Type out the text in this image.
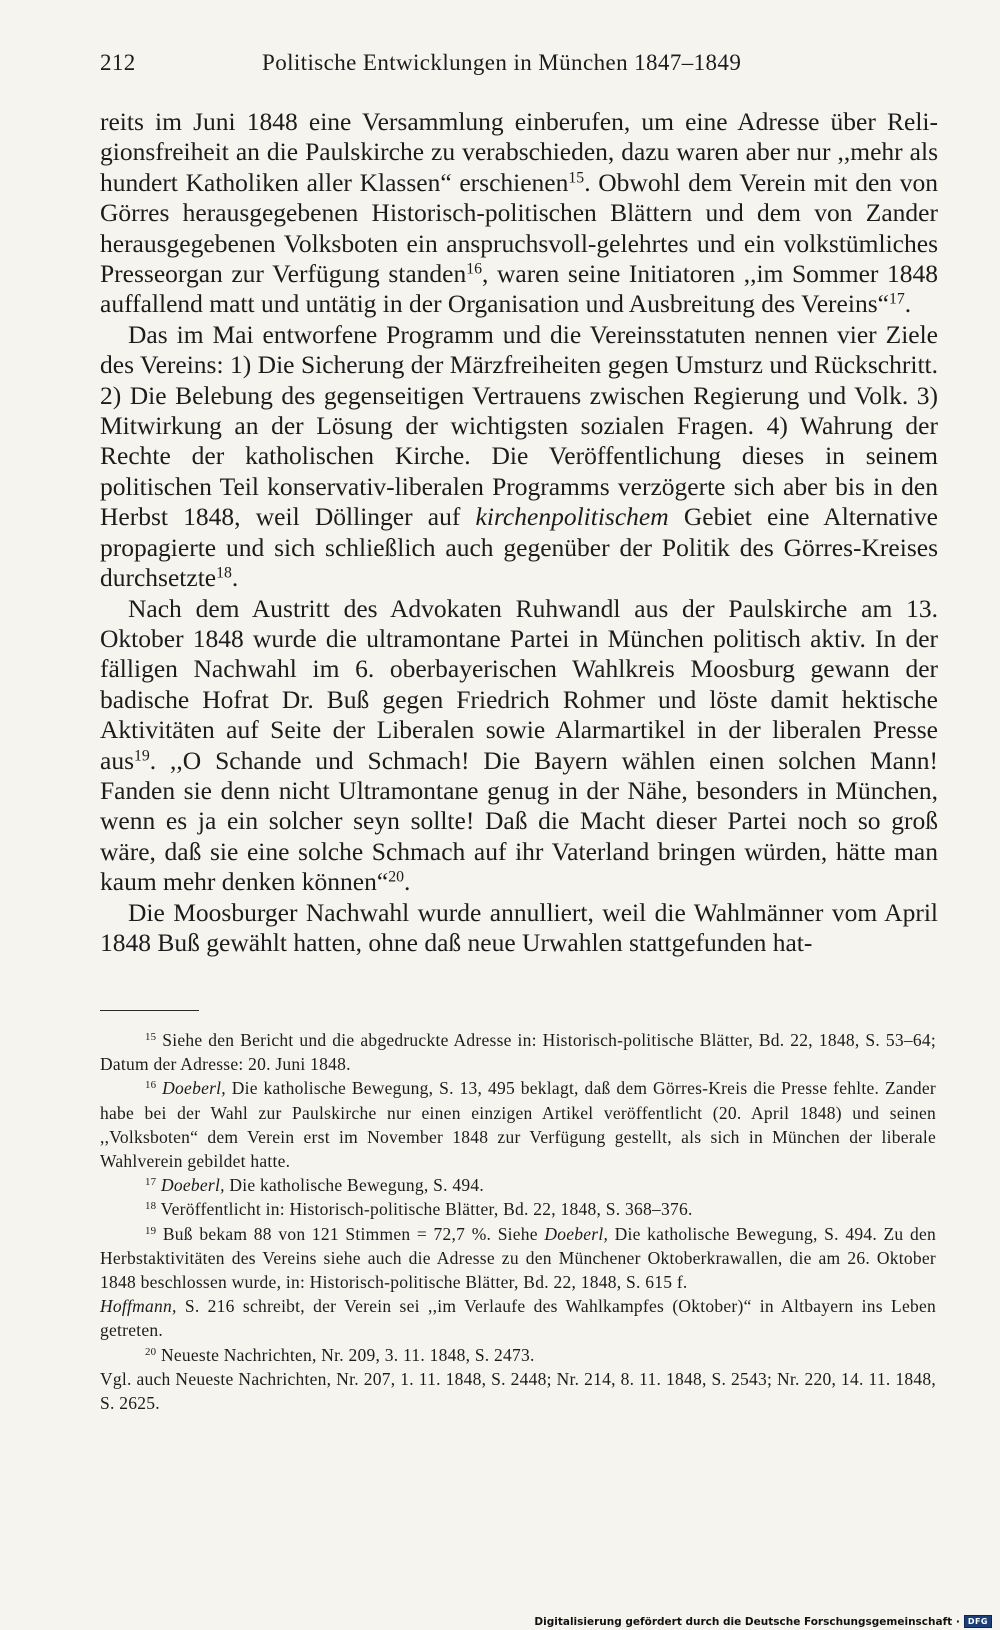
212	Politische Entwicklungen in München 1847–1849

reits im Juni 1848 eine Versammlung einberufen, um eine Adresse über Religionsfreiheit an die Paulskirche zu verabschieden, dazu waren aber nur ,,mehr als hundert Katholiken aller Klassen“ erschienen$^{15}$. Obwohl dem Verein mit den von Görres herausgegebenen Historisch-politischen Blättern und dem von Zander herausgegebenen Volksboten ein anspruchsvoll-gelehrtes und ein volkstümliches Presseorgan zur Verfügung standen$^{16}$, waren seine Initiatoren ,,im Sommer 1848 auffallend matt und untätig in der Organisation und Ausbreitung des Vereins“$^{17}$.

Das im Mai entworfene Programm und die Vereinsstatuten nennen vier Ziele des Vereins: 1) Die Sicherung der Märzfreiheiten gegen Umsturz und Rückschritt. 2) Die Belebung des gegenseitigen Vertrauens zwischen Regierung und Volk. 3) Mitwirkung an der Lösung der wichtigsten sozialen Fragen. 4) Wahrung der Rechte der katholischen Kirche. Die Veröffentlichung dieses in seinem politischen Teil konservativ-liberalen Programms verzögerte sich aber bis in den Herbst 1848, weil Döllinger auf kirchenpolitischem Gebiet eine Alternative propagierte und sich schließlich auch gegenüber der Politik des Görres-Kreises durchsetzte$^{18}$.

Nach dem Austritt des Advokaten Ruhwandl aus der Paulskirche am 13. Oktober 1848 wurde die ultramontane Partei in München politisch aktiv. In der fälligen Nachwahl im 6. oberbayerischen Wahlkreis Moosburg gewann der badische Hofrat Dr. Buß gegen Friedrich Rohmer und löste damit hektische Aktivitäten auf Seite der Liberalen sowie Alarmartikel in der liberalen Presse aus$^{19}$. ,,O Schande und Schmach! Die Bayern wählen einen solchen Mann! Fanden sie denn nicht Ultramontane genug in der Nähe, besonders in München, wenn es ja ein solcher seyn sollte! Daß die Macht dieser Partei noch so groß wäre, daß sie eine solche Schmach auf ihr Vaterland bringen würden, hätte man kaum mehr denken können“$^{20}$.

Die Moosburger Nachwahl wurde annulliert, weil die Wahlmänner vom April 1848 Buß gewählt hatten, ohne daß neue Urwahlen stattgefunden hat-

$^{15}$ Siehe den Bericht und die abgedruckte Adresse in: Historisch-politische Blätter, Bd. 22, 1848, S. 53–64; Datum der Adresse: 20. Juni 1848.

$^{16}$ Doeberl, Die katholische Bewegung, S. 13, 495 beklagt, daß dem Görres-Kreis die Presse fehlte. Zander habe bei der Wahl zur Paulskirche nur einen einzigen Artikel veröffentlicht (20. April 1848) und seinen ,,Volksboten“ dem Verein erst im November 1848 zur Verfügung gestellt, als sich in München der liberale Wahlverein gebildet hatte.

$^{17}$ Doeberl, Die katholische Bewegung, S. 494.

$^{18}$ Veröffentlicht in: Historisch-politische Blätter, Bd. 22, 1848, S. 368–376.

$^{19}$ Buß bekam 88 von 121 Stimmen = 72,7 %. Siehe Doeberl, Die katholische Bewegung, S. 494. Zu den Herbstaktivitäten des Vereins siehe auch die Adresse zu den Münchener Oktoberkrawallen, die am 26. Oktober 1848 beschlossen wurde, in: Historisch-politische Blätter, Bd. 22, 1848, S. 615 f.

Hoffmann, S. 216 schreibt, der Verein sei ,,im Verlaufe des Wahlkampfes (Oktober)“ in Altbayern ins Leben getreten.

$^{20}$ Neueste Nachrichten, Nr. 209, 3. 11. 1848, S. 2473.

Vgl. auch Neueste Nachrichten, Nr. 207, 1. 11. 1848, S. 2448; Nr. 214, 8. 11. 1848, S. 2543; Nr. 220, 14. 11. 1848, S. 2625.

Digitalisierung gefördert durch die Deutsche Forschungsgemeinschaft ·	DFG
